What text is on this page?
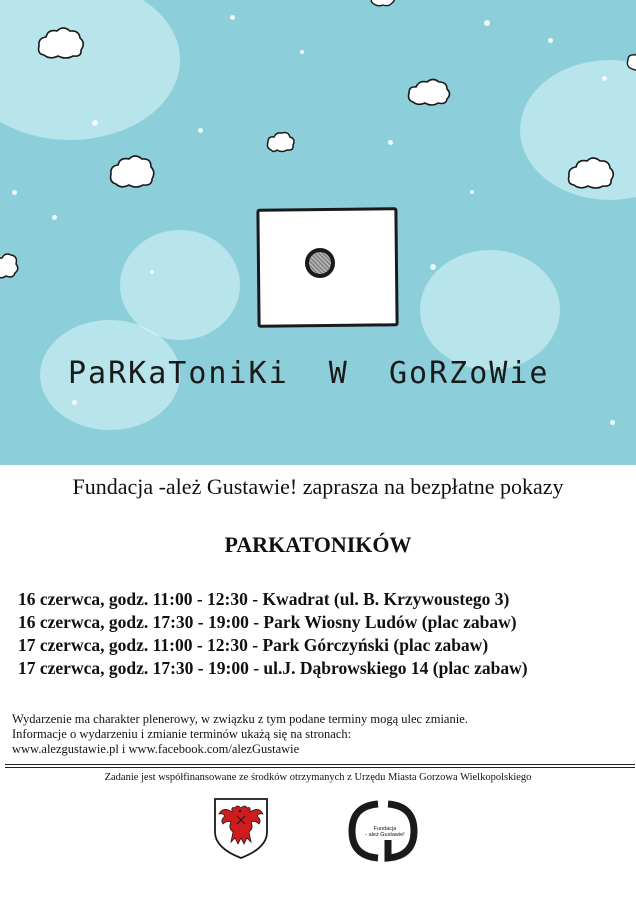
PaRKaToniKi  W  GoRZoWie
Fundacja -ależ Gustawie! zaprasza na bezpłatne pokazy
PARKATONIKÓW
16 czerwca, godz. 11:00 - 12:30 - Kwadrat (ul. B. Krzywoustego 3)
16 czerwca, godz. 17:30 - 19:00 - Park Wiosny Ludów (plac zabaw)
17 czerwca, godz. 11:00 - 12:30 - Park Górczyński (plac zabaw)
17 czerwca, godz. 17:30 - 19:00 - ul.J. Dąbrowskiego 14 (plac zabaw)
Wydarzenie ma charakter plenerowy, w związku z tym podane terminy mogą ulec zmianie.
Informacje o wydarzeniu i zmianie terminów ukażą się na stronach:
www.alezgustawie.pl i www.facebook.com/alezGustawie
Zadanie jest współfinansowane ze środków otrzymanych z Urzędu Miasta Gorzowa Wielkopolskiego
Fundacja
- ależ Gustawie!
